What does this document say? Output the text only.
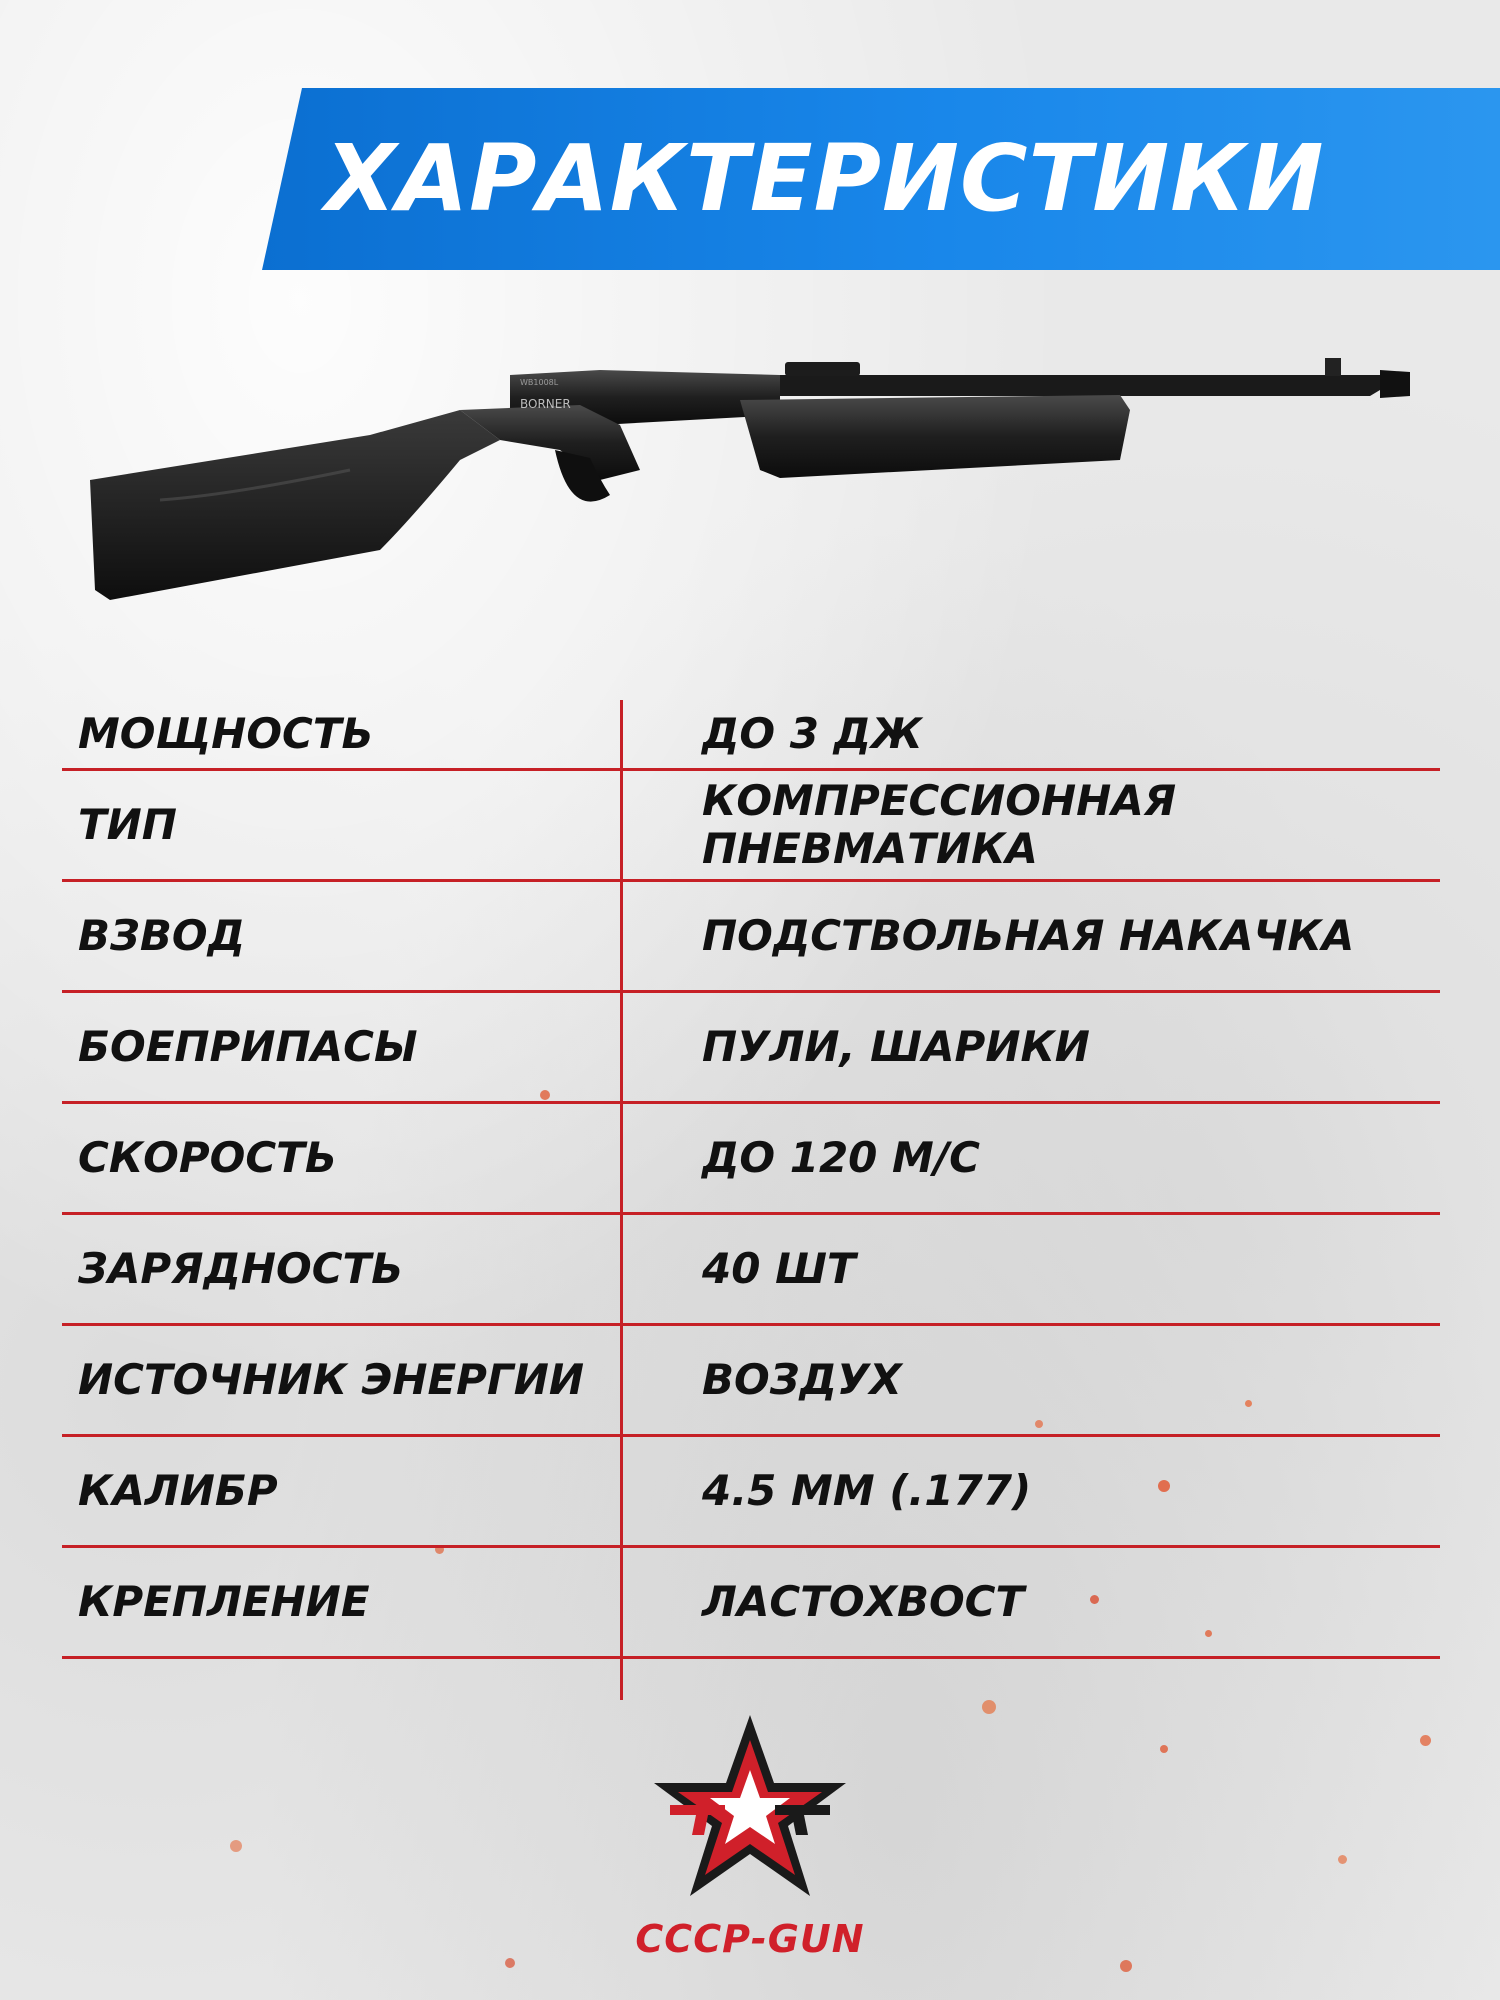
ХАРАКТЕРИСТИКИ
BORNER
WB1008L
МОЩНОСТЬ	ДО 3 ДЖ
ТИП	КОМПРЕССИОННАЯ ПНЕВМАТИКА
ВЗВОД	ПОДСТВОЛЬНАЯ НАКАЧКА
БОЕПРИПАСЫ	ПУЛИ, ШАРИКИ
СКОРОСТЬ	ДО 120 М/С
ЗАРЯДНОСТЬ	40 ШТ
ИСТОЧНИК ЭНЕРГИИ	ВОЗДУХ
КАЛИБР	4.5 ММ (.177)
КРЕПЛЕНИЕ	ЛАСТОХВОСТ
СССР-GUN
